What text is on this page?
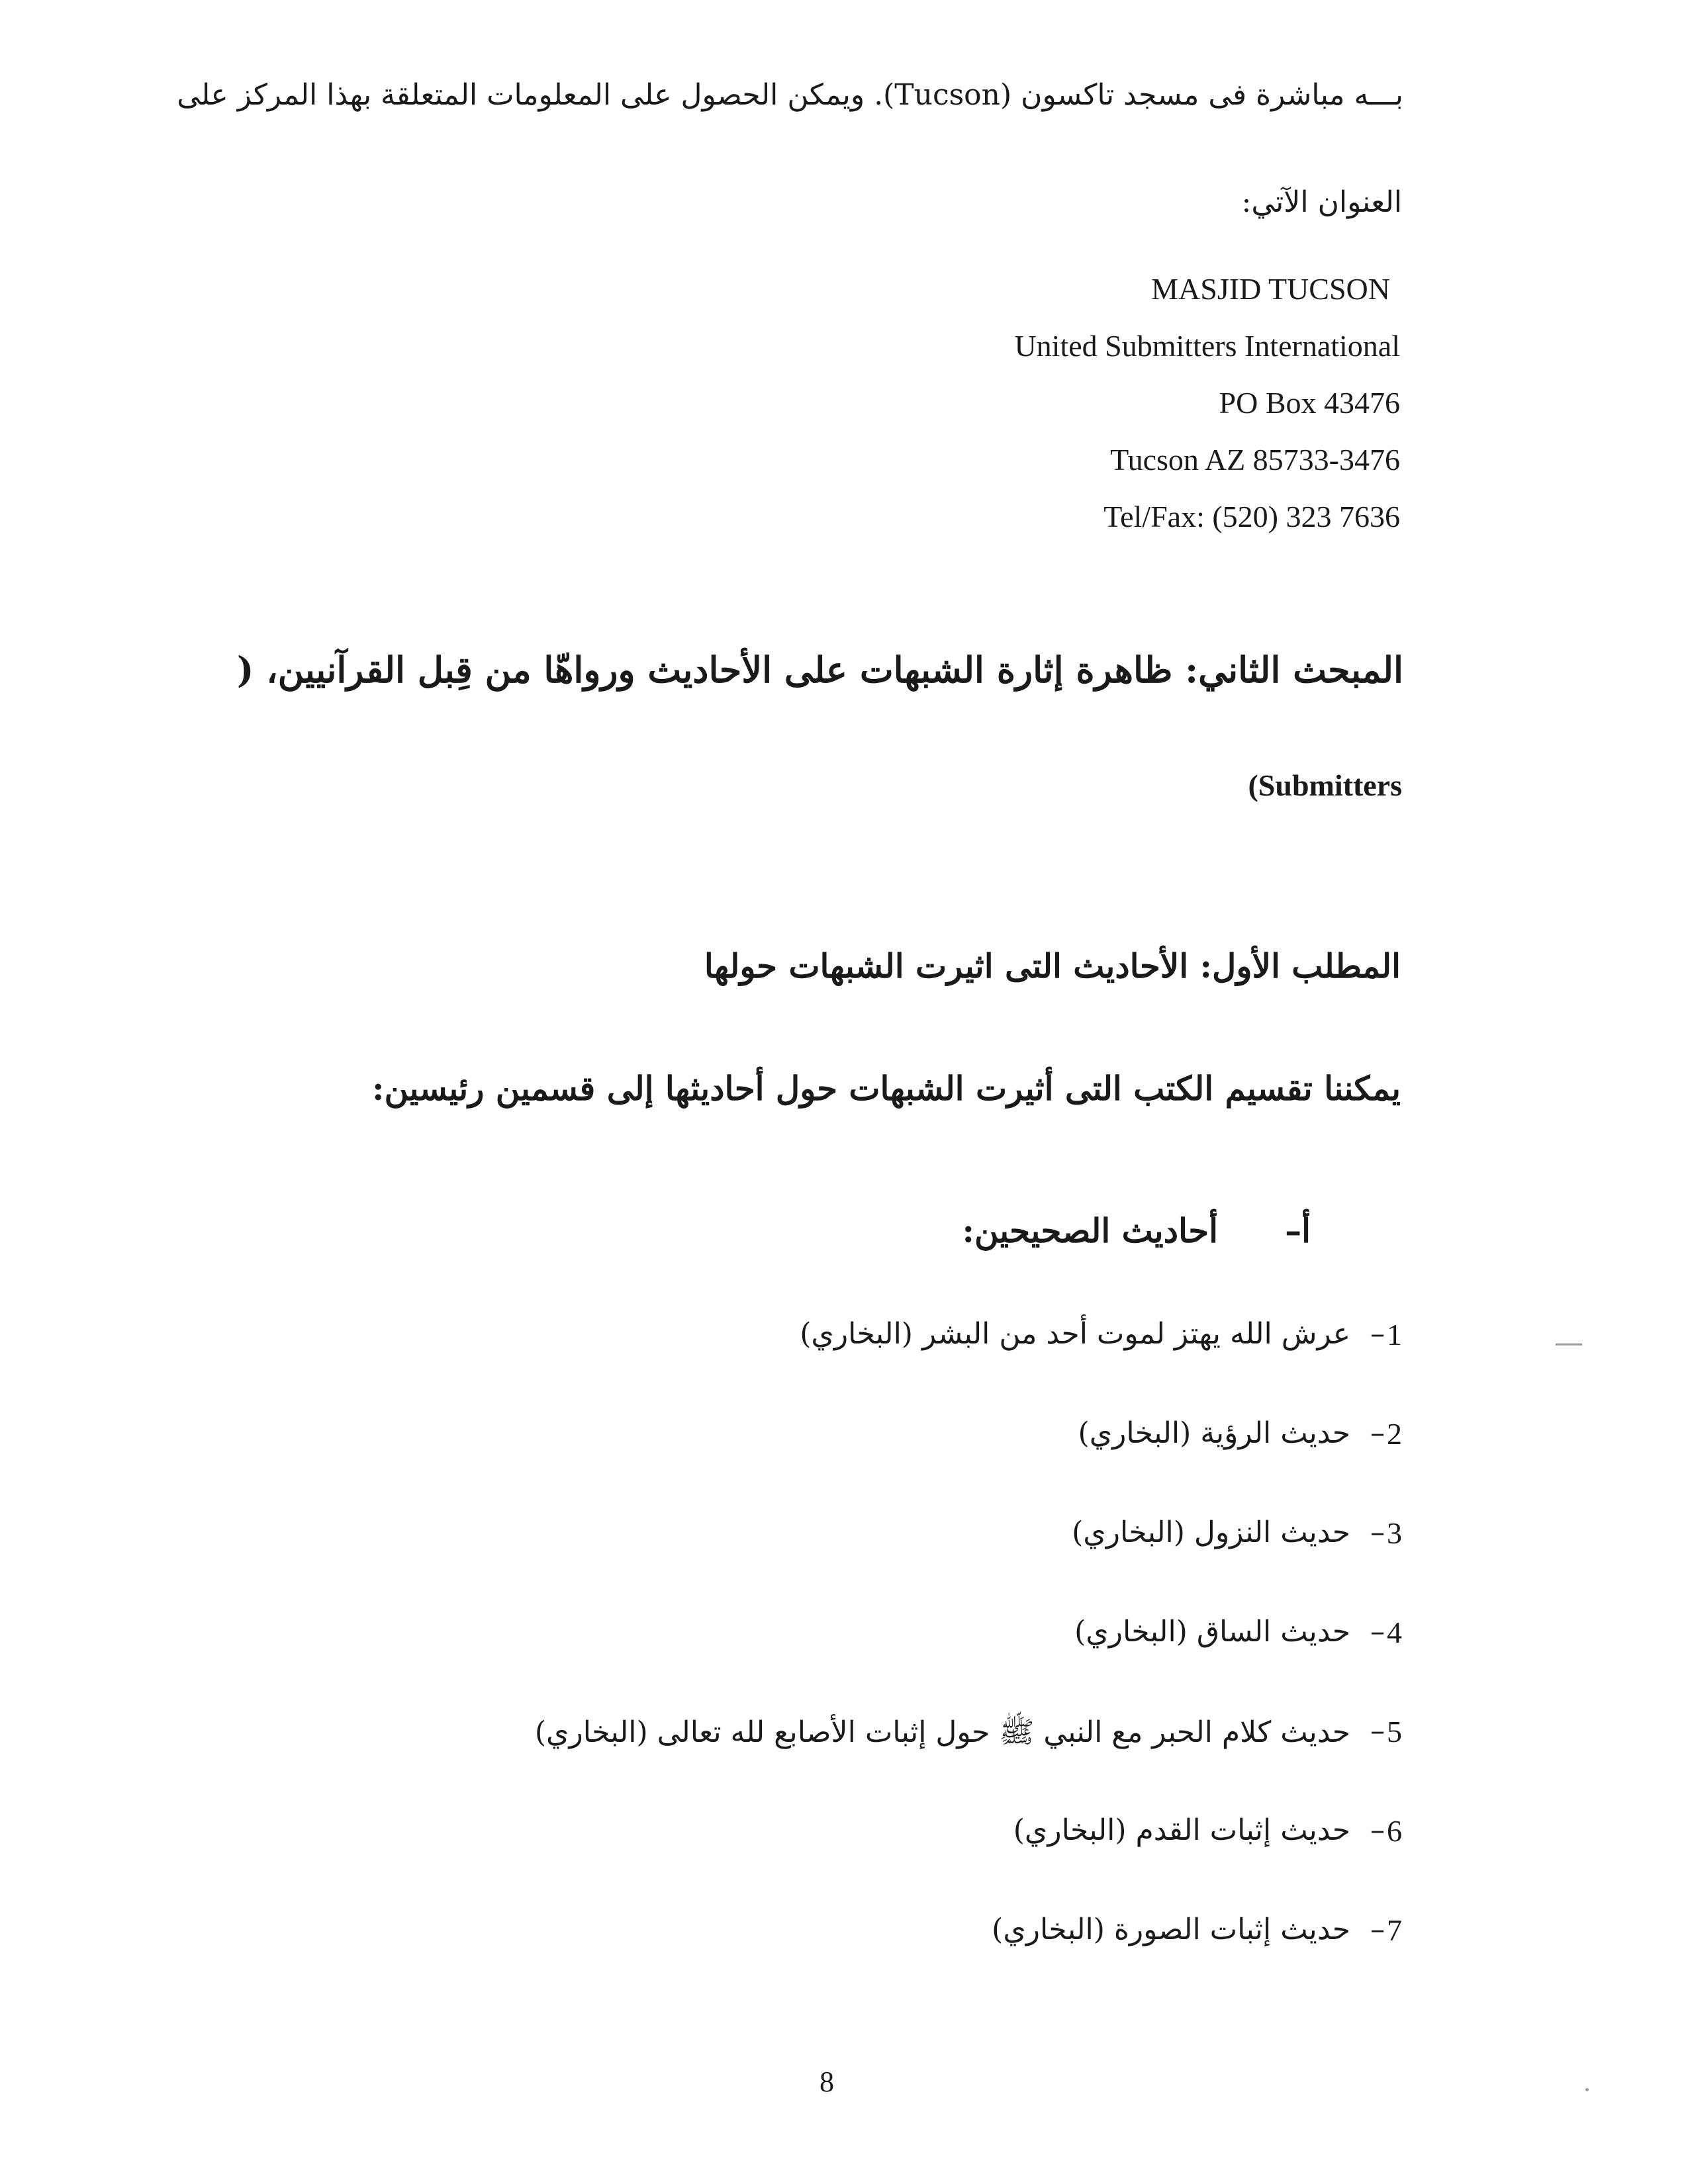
بـــه مباشرة فى مسجد تاكسون (Tucson). ويمكن الحصول على المعلومات المتعلقة بهذا المركز على
العنوان الآتي:
MASJID TUCSON
United Submitters International
PO Box 43476
Tucson AZ 85733-3476
Tel/Fax: (520) 323 7636
المبحث الثاني: ظاهرة إثارة الشبهات على الأحاديث ورواهّا من قِبل القرآنيين، (
(Submitters
المطلب الأول: الأحاديث التى اثيرت الشبهات حولها
يمكننا تقسيم الكتب التى أثيرت الشبهات حول أحاديثها إلى قسمين رئيسين:
أ–
أحاديث الصحيحين:
1
–
عرش الله يهتز لموت أحد من البشر (البخاري)
2
–
حديث الرؤية (البخاري)
3
–
حديث النزول (البخاري)
4
–
حديث الساق (البخاري)
5
–
حديث كلام الحبر مع النبي ﷺ حول إثبات الأصابع لله تعالى (البخاري)
6
–
حديث إثبات القدم (البخاري)
7
–
حديث إثبات الصورة (البخاري)
8
